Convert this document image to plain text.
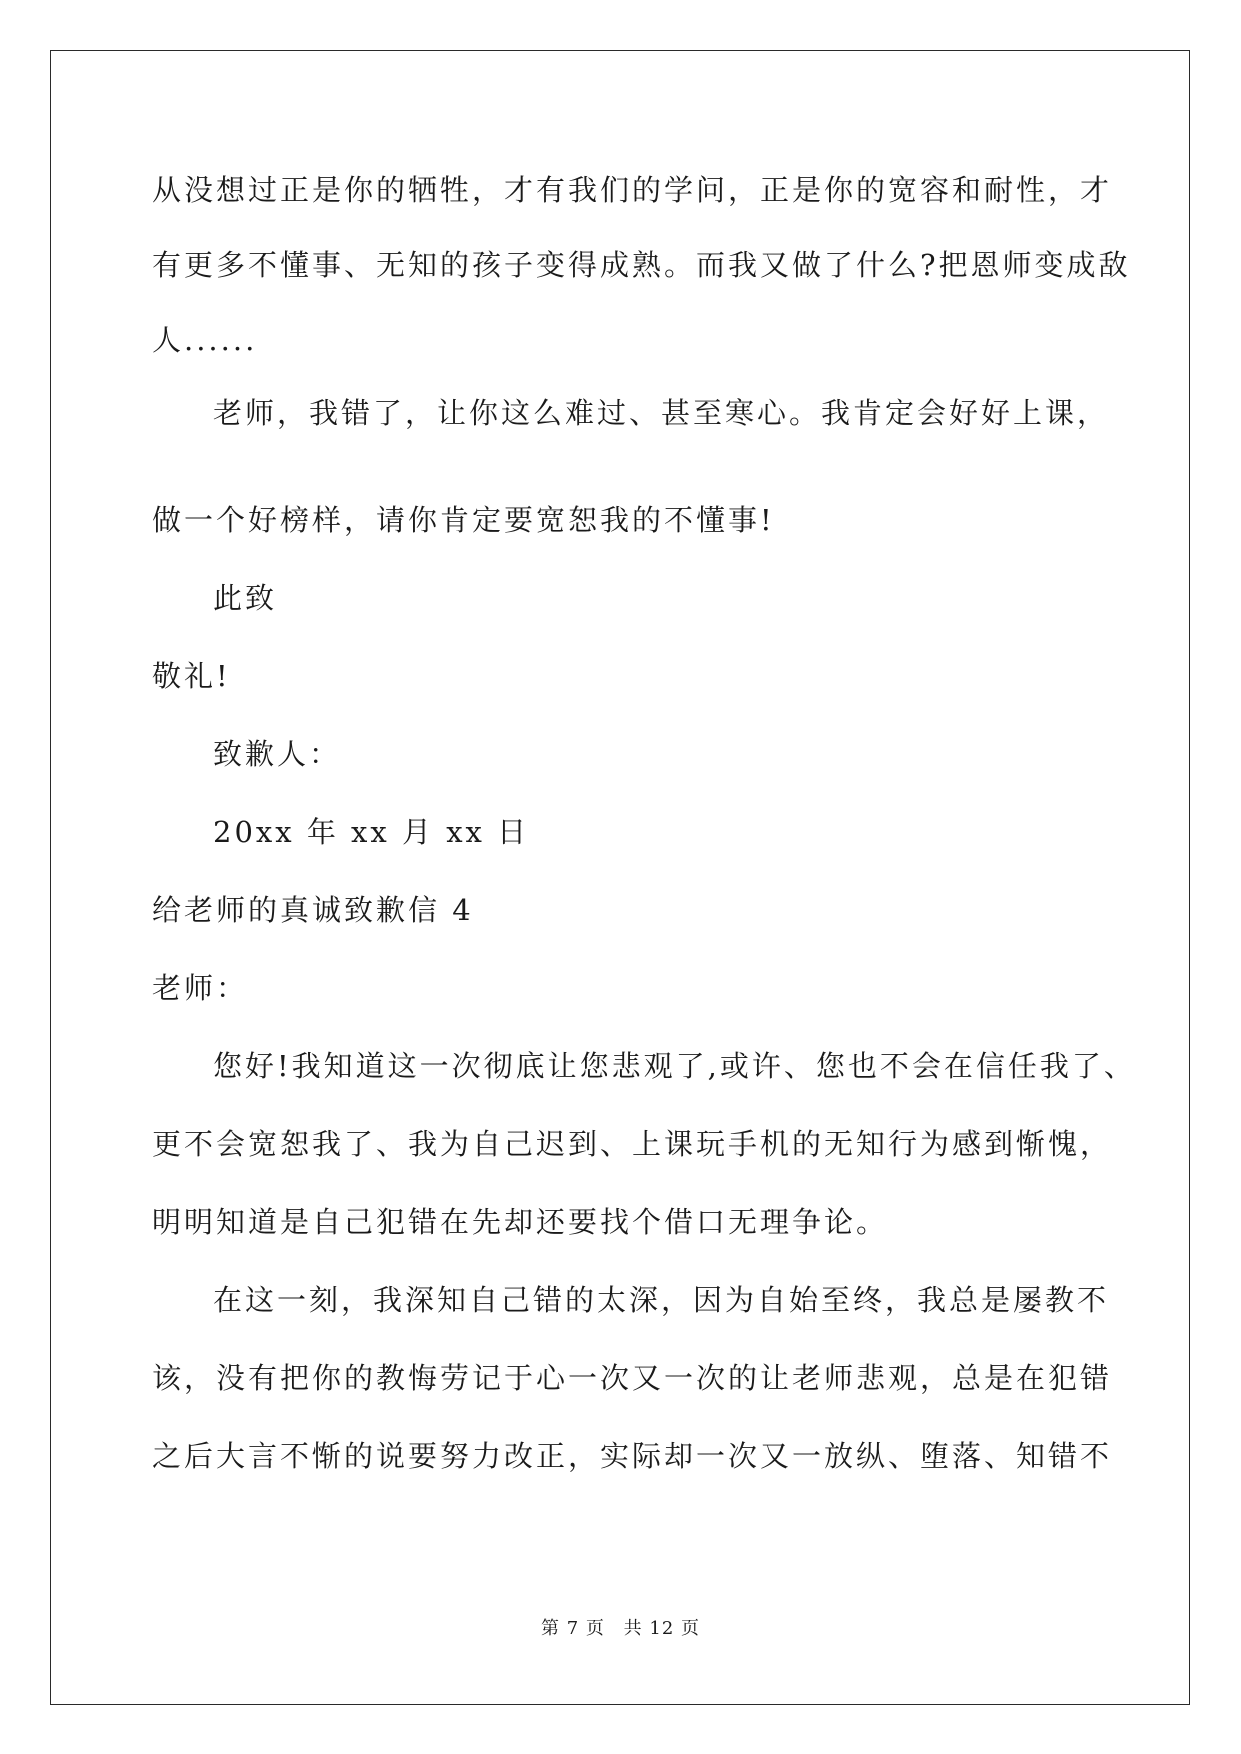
从没想过正是你的牺牲，才有我们的学问，正是你的宽容和耐性，才
有更多不懂事、无知的孩子变得成熟。而我又做了什么?把恩师变成敌
人......
老师，我错了，让你这么难过、甚至寒心。我肯定会好好上课，
做一个好榜样，请你肯定要宽恕我的不懂事!
此致
敬礼!
致歉人：
20xx 年 xx 月 xx 日
给老师的真诚致歉信 4
老师：
您好!我知道这一次彻底让您悲观了,或许、您也不会在信任我了、
更不会宽恕我了、我为自己迟到、上课玩手机的无知行为感到惭愧，
明明知道是自己犯错在先却还要找个借口无理争论。
在这一刻，我深知自己错的太深，因为自始至终，我总是屡教不
该，没有把你的教悔劳记于心一次又一次的让老师悲观，总是在犯错
之后大言不惭的说要努力改正，实际却一次又一放纵、堕落、知错不
第 7 页 共 12 页
